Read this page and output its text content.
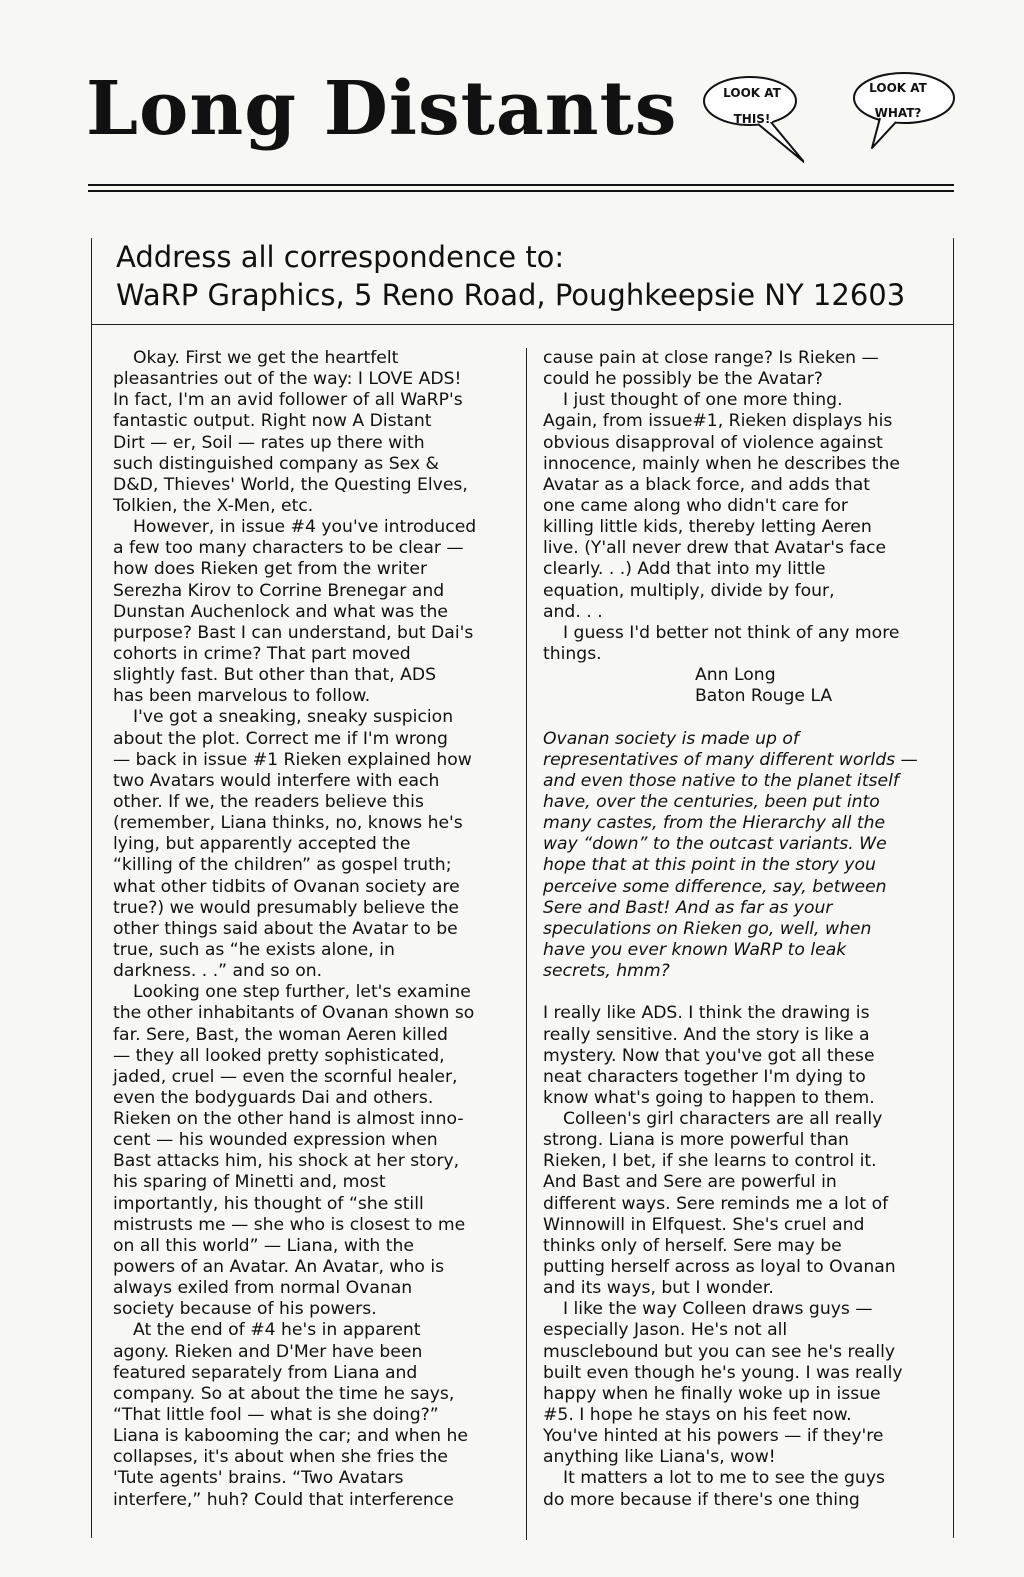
Long Distants	LOOK AT
THIS!
LOOK AT
WHAT?
Address all correspondence to:
WaRP Graphics, 5 Reno Road, Poughkeepsie NY 12603
Okay. First we get the heartfelt
pleasantries out of the way: I LOVE ADS!
In fact, I'm an avid follower of all WaRP's
fantastic output. Right now A Distant
Dirt — er, Soil — rates up there with
such distinguished company as Sex &
D&D, Thieves' World, the Questing Elves,
Tolkien, the X-Men, etc.
However, in issue #4 you've introduced
a few too many characters to be clear —
how does Rieken get from the writer
Serezha Kirov to Corrine Brenegar and
Dunstan Auchenlock and what was the
purpose? Bast I can understand, but Dai's
cohorts in crime? That part moved
slightly fast. But other than that, ADS
has been marvelous to follow.
I've got a sneaking, sneaky suspicion
about the plot. Correct me if I'm wrong
— back in issue #1 Rieken explained how
two Avatars would interfere with each
other. If we, the readers believe this
(remember, Liana thinks, no, knows he's
lying, but apparently accepted the
“killing of the children” as gospel truth;
what other tidbits of Ovanan society are
true?) we would presumably believe the
other things said about the Avatar to be
true, such as “he exists alone, in
darkness. . .” and so on.
Looking one step further, let's examine
the other inhabitants of Ovanan shown so
far. Sere, Bast, the woman Aeren killed
— they all looked pretty sophisticated,
jaded, cruel — even the scornful healer,
even the bodyguards Dai and others.
Rieken on the other hand is almost inno-
cent — his wounded expression when
Bast attacks him, his shock at her story,
his sparing of Minetti and, most
importantly, his thought of “she still
mistrusts me — she who is closest to me
on all this world” — Liana, with the
powers of an Avatar. An Avatar, who is
always exiled from normal Ovanan
society because of his powers.
At the end of #4 he's in apparent
agony. Rieken and D'Mer have been
featured separately from Liana and
company. So at about the time he says,
“That little fool — what is she doing?”
Liana is kabooming the car; and when he
collapses, it's about when she fries the
'Tute agents' brains. “Two Avatars
interfere,” huh? Could that interference
cause pain at close range? Is Rieken —
could he possibly be the Avatar?
I just thought of one more thing.
Again, from issue#1, Rieken displays his
obvious disapproval of violence against
innocence, mainly when he describes the
Avatar as a black force, and adds that
one came along who didn't care for
killing little kids, thereby letting Aeren
live. (Y'all never drew that Avatar's face
clearly. . .) Add that into my little
equation, multiply, divide by four,
and. . .
I guess I'd better not think of any more
things.
Ann Long
Baton Rouge LA
Ovanan society is made up of
representatives of many different worlds —
and even those native to the planet itself
have, over the centuries, been put into
many castes, from the Hierarchy all the
way “down” to the outcast variants. We
hope that at this point in the story you
perceive some difference, say, between
Sere and Bast! And as far as your
speculations on Rieken go, well, when
have you ever known WaRP to leak
secrets, hmm?
I really like ADS. I think the drawing is
really sensitive. And the story is like a
mystery. Now that you've got all these
neat characters together I'm dying to
know what's going to happen to them.
Colleen's girl characters are all really
strong. Liana is more powerful than
Rieken, I bet, if she learns to control it.
And Bast and Sere are powerful in
different ways. Sere reminds me a lot of
Winnowill in Elfquest. She's cruel and
thinks only of herself. Sere may be
putting herself across as loyal to Ovanan
and its ways, but I wonder.
I like the way Colleen draws guys —
especially Jason. He's not all
musclebound but you can see he's really
built even though he's young. I was really
happy when he finally woke up in issue
#5. I hope he stays on his feet now.
You've hinted at his powers — if they're
anything like Liana's, wow!
It matters a lot to me to see the guys
do more because if there's one thing
